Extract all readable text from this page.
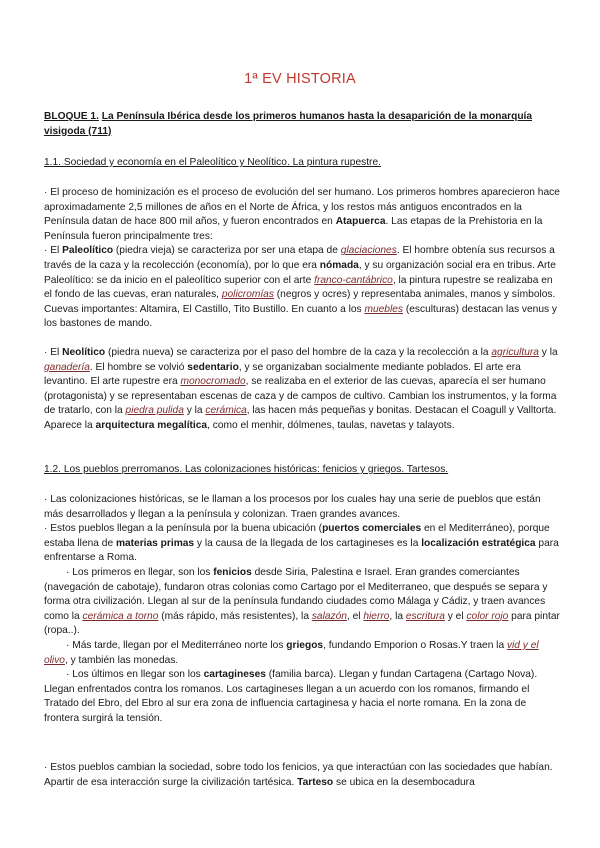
1ª EV HISTORIA
BLOQUE 1. La Península Ibérica desde los primeros humanos hasta la desaparición de la monarquía visigoda (711)
1.1. Sociedad y economía en el Paleolítico y Neolítico. La pintura rupestre.

· El proceso de hominización es el proceso de evolución del ser humano. Los primeros hombres aparecieron hace aproximadamente 2,5 millones de años en el Norte de África, y los restos más antiguos encontrados en la Península datan de hace 800 mil años, y fueron encontrados en Atapuerca. Las etapas de la Prehistoria en la Península fueron principalmente tres:
· El Paleolítico (piedra vieja) se caracteriza por ser una etapa de glaciaciones. El hombre obtenía sus recursos a través de la caza y la recolección (economía), por lo que era nómada, y su organización social era en tribus. Arte Paleolítico: se da inicio en el paleolítico superior con el arte franco-cantábrico, la pintura rupestre se realizaba en el fondo de las cuevas, eran naturales, policromías (negros y ocres) y representaba animales, manos y símbolos. Cuevas importantes: Altamira, El Castillo, Tito Bustillo. En cuanto a los muebles (esculturas) destacan las venus y los bastones de mando.

· El Neolítico (piedra nueva) se caracteriza por el paso del hombre de la caza y la recolección a la agricultura y la ganadería. El hombre se volvió sedentario, y se organizaban socialmente mediante poblados. El arte era levantino. El arte rupestre era monocromado, se realizaba en el exterior de las cuevas, aparecía el ser humano (protagonista) y se representaban escenas de caza y de campos de cultivo. Cambian los instrumentos, y la forma de tratarlo, con la piedra pulida y la cerámica, las hacen más pequeñas y bonitas. Destacan el Coagull y Valltorta. Aparece la arquitectura megalítica, como el menhir, dólmenes, taulas, navetas y talayots.

1.2. Los pueblos prerromanos. Las colonizaciones históricas: fenicios y griegos. Tartesos.

· Las colonizaciones históricas, se le llaman a los procesos por los cuales hay una serie de pueblos que están más desarrollados y llegan a la península y colonizan. Traen grandes avances.

· Estos pueblos llegan a la península por la buena ubicación (puertos comerciales en el Mediterráneo), porque estaba llena de materias primas y la causa de la llegada de los cartagineses es la localización estratégica para enfrentarse a Roma.

· Los primeros en llegar, son los fenicios desde Siria, Palestina e Israel. Eran grandes comerciantes (navegación de cabotaje), fundaron otras colonias como Cartago por el Mediterraneo, que después se separa y forma otra civilización. Llegan al sur de la península fundando ciudades como Málaga y Cádiz, y traen avances como la cerámica a torno (más rápido, más resistentes), la salazón, el hierro, la escritura y el color rojo para pintar (ropa..).
· Más tarde, llegan por el Mediterráneo norte los griegos, fundando Emporion o Rosas.Y traen la vid y el olivo, y también las monedas.
· Los últimos en llegar son los cartagineses (familia barca). Llegan y fundan Cartagena (Cartago Nova). Llegan enfrentados contra los romanos. Los cartagineses llegan a un acuerdo con los romanos, firmando el Tratado del Ebro, del Ebro al sur era zona de influencia cartaginesa y hacia el norte romana. En la zona de frontera surgirá la tensión.

· Estos pueblos cambian la sociedad, sobre todo los fenicios, ya que interactúan con las sociedades que habían. Apartir de esa interacción surge la civilización tartésica. Tarteso se ubica en la desembocadura
